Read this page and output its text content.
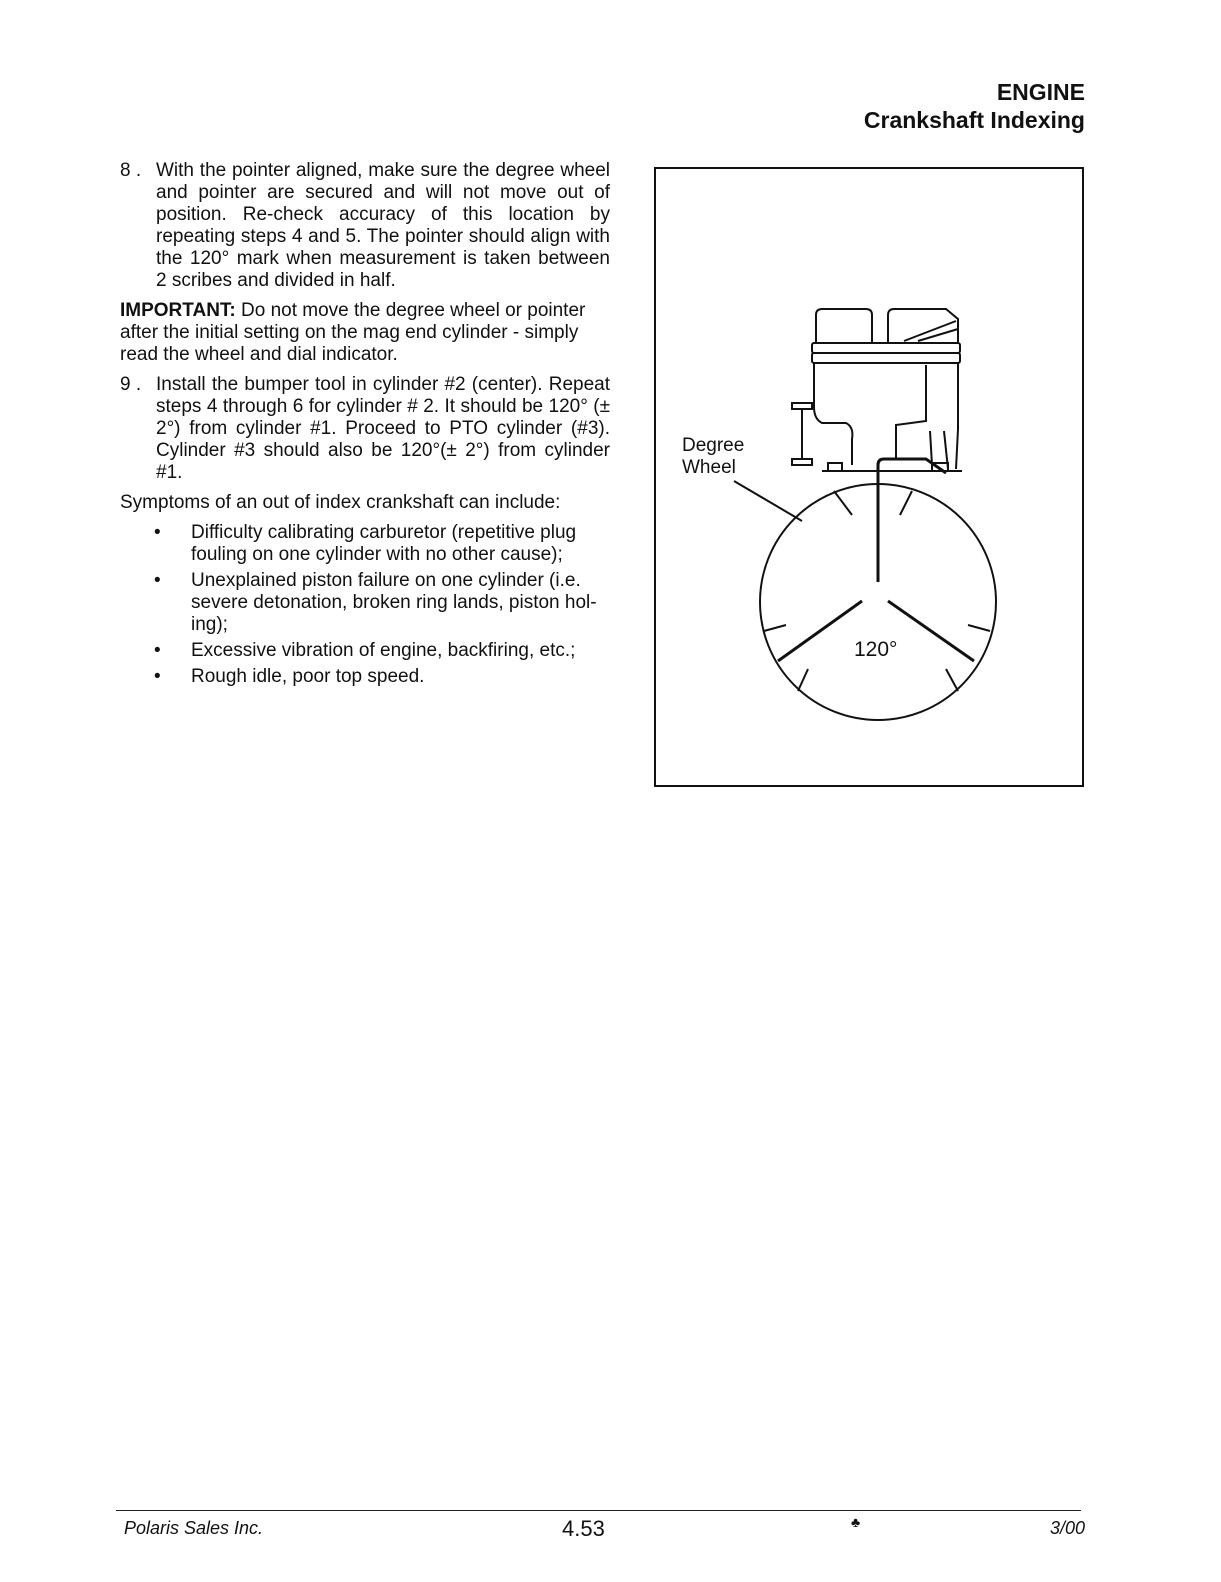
ENGINE
Crankshaft Indexing
8 . With the pointer aligned, make sure the degree wheel and pointer are secured and will not move out of position. Re-check accuracy of this location by repeating steps 4 and 5. The pointer should align with the 120° mark when measurement is taken between 2 scribes and divided in half.

IMPORTANT: Do not move the degree wheel or pointer after the initial setting on the mag end cylinder - simply read the wheel and dial indicator.

9 . Install the bumper tool in cylinder #2 (center). Repeat steps 4 through 6 for cylinder # 2. It should be 120° (± 2°) from cylinder #1. Proceed to PTO cylinder (#3). Cylinder #3 should also be 120°(± 2°) from cylinder #1.

Symptoms of an out of index crankshaft can include:

•	Difficulty calibrating carburetor (repetitive plug fouling on one cylinder with no other cause);
•	Unexplained piston failure on one cylinder (i.e. severe detonation, broken ring lands, piston hol-ing);
•	Excessive vibration of engine, backfiring, etc.;
•	Rough idle, poor top speed.
Degree
Wheel
120°
Polaris Sales Inc.	4.53	♣	3/00
